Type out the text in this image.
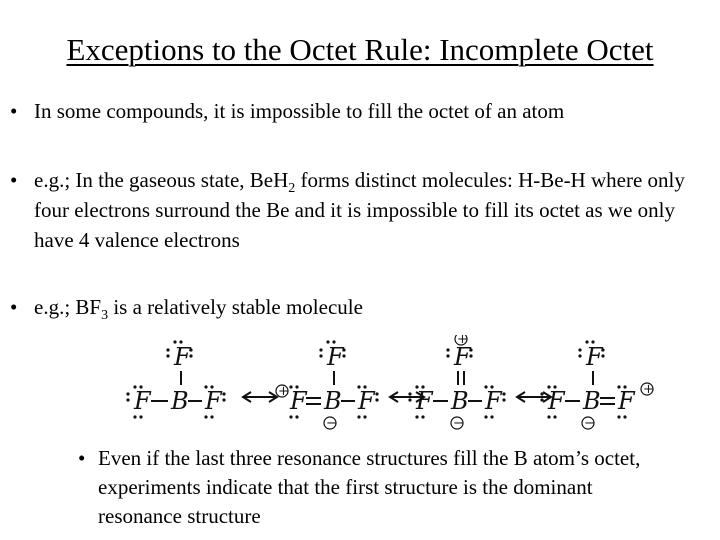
Exceptions to the Octet Rule: Incomplete Octet
• In some compounds, it is impossible to fill the octet of an atom
• e.g.; In the gaseous state, BeH$_2$ forms distinct molecules: H-Be-H where only four electrons surround the Be and it is impossible to fill its octet as we only have 4 valence electrons
• e.g.; $BF_3$ is a relatively stable molecule
F
B
F F
F
B
−
F
+	F
+
F
B
−
F F
F
B
−
F F +
• Even if the last three resonance structures fill the B atom’s octet, experiments indicate that the first structure is the dominant resonance structure
